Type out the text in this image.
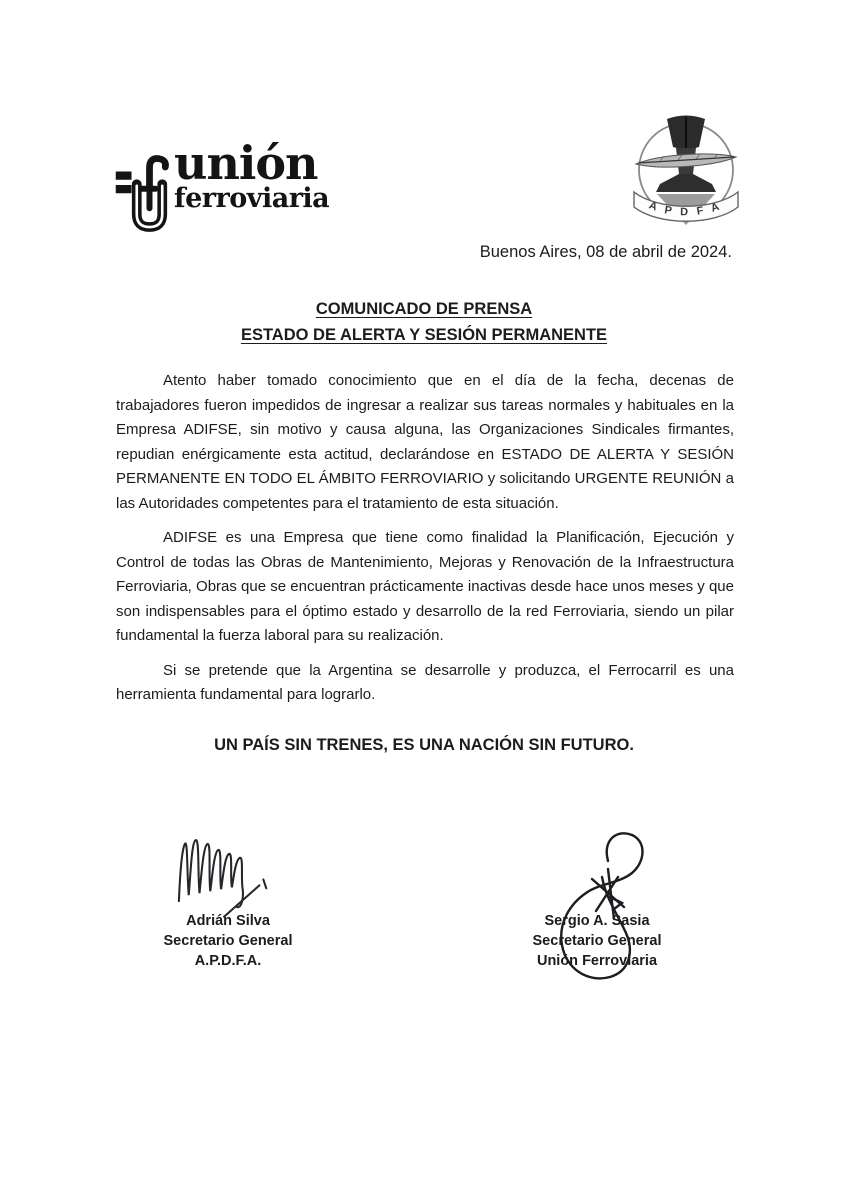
unión
ferroviaria	A P D F A
Buenos Aires, 08 de abril de 2024.
COMUNICADO DE PRENSA
ESTADO DE ALERTA Y SESIÓN PERMANENTE

Atento haber tomado conocimiento que en el día de la fecha, decenas de trabajadores fueron impedidos de ingresar a realizar sus tareas normales y habituales en la Empresa ADIFSE, sin motivo y causa alguna, las Organizaciones Sindicales firmantes, repudian enérgicamente esta actitud, declarándose en ESTADO DE ALERTA Y SESIÓN PERMANENTE EN TODO EL ÁMBITO FERROVIARIO y solicitando URGENTE REUNIÓN a las Autoridades competentes para el tratamiento de esta situación.

ADIFSE es una Empresa que tiene como finalidad la Planificación, Ejecución y Control de todas las Obras de Mantenimiento, Mejoras y Renovación de la Infraestructura Ferroviaria, Obras que se encuentran prácticamente inactivas desde hace unos meses y que son indispensables para el óptimo estado y desarrollo de la red Ferroviaria, siendo un pilar fundamental la fuerza laboral para su realización.

Si se pretende que la Argentina se desarrolle y produzca, el Ferrocarril es una herramienta fundamental para lograrlo.

UN PAÍS SIN TRENES, ES UNA NACIÓN SIN FUTURO.
Adrián Silva
Secretario General
A.P.D.F.A.
Sergio A. Sasia
Secretario General
Unión Ferroviaria
